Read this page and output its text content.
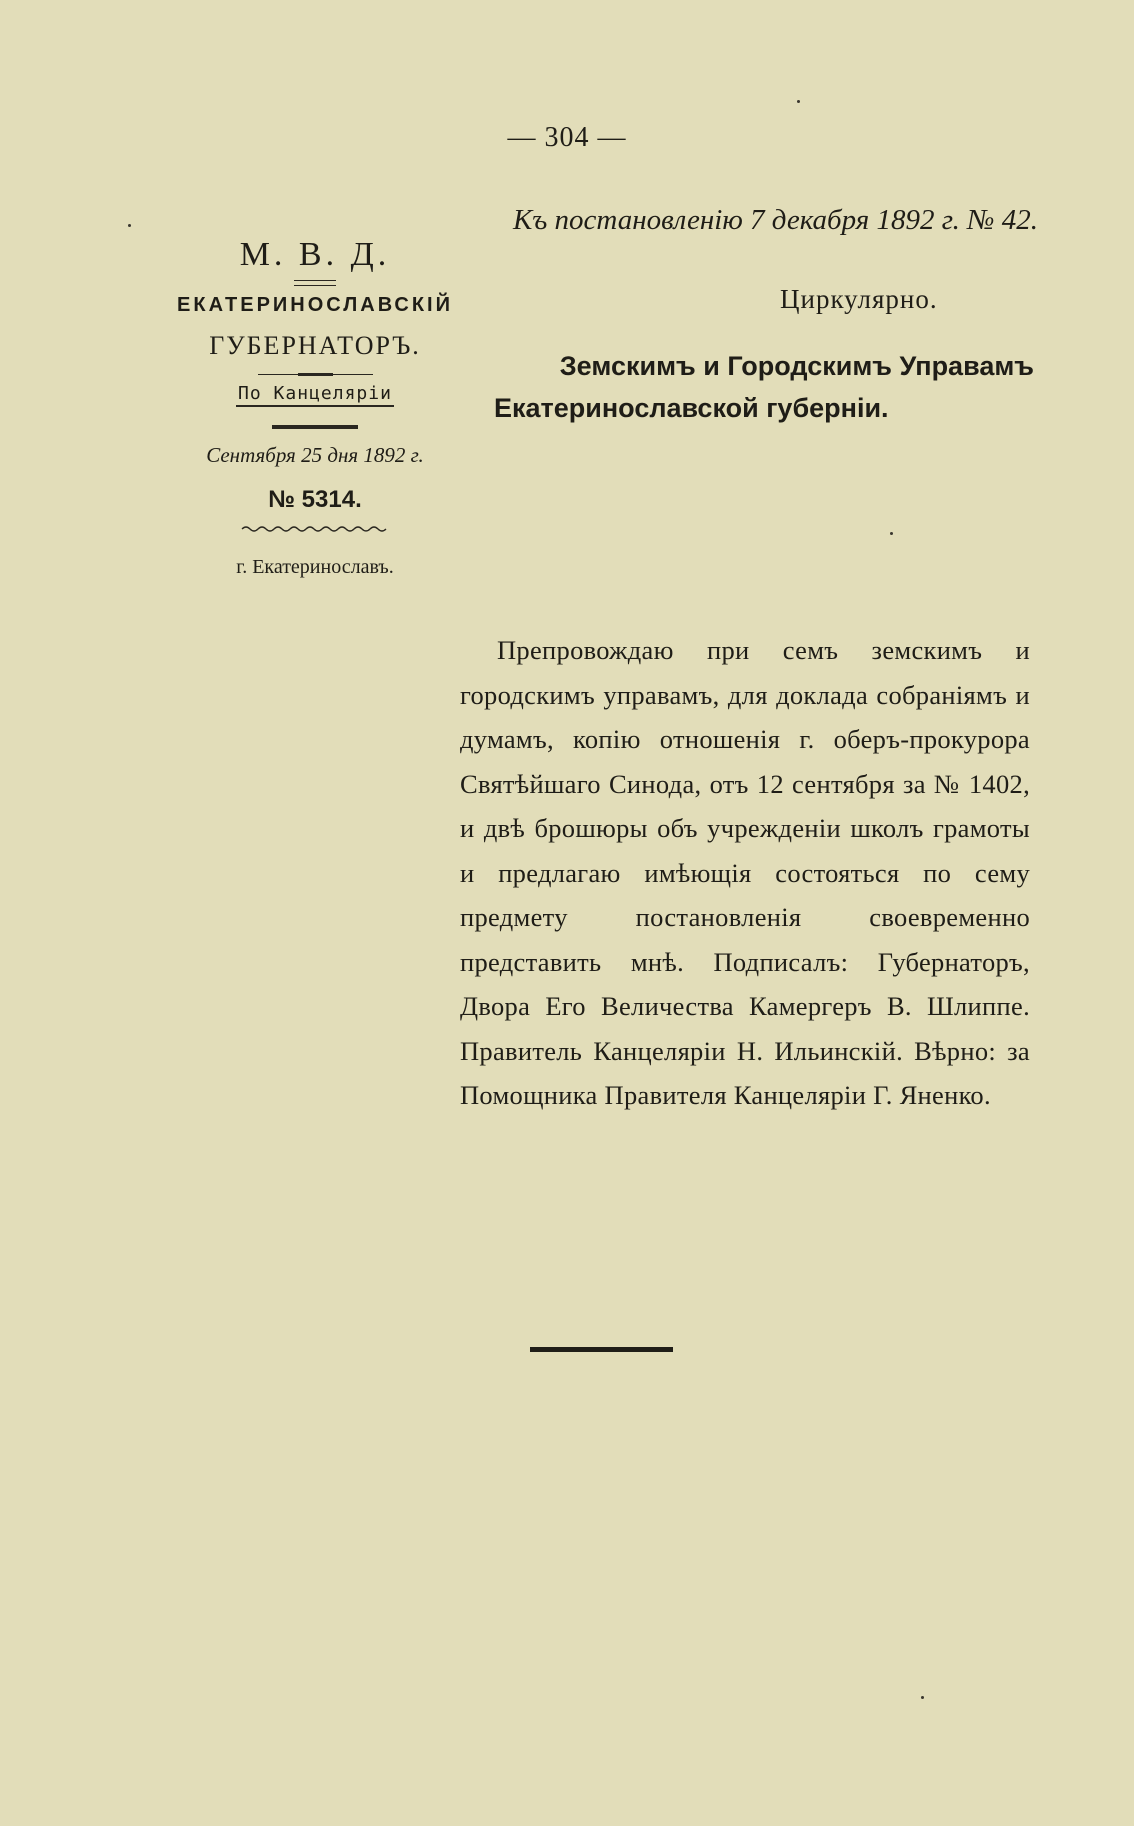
— 304 —
Къ постановленію 7 декабря 1892 г. № 42.
М. В. Д.
ЕКАТЕРИНОСЛАВСКІЙ
ГУБЕРНАТОРЪ.
По Канцеляріи
Сентября 25 дня 1892 г.
№ 5314.
г. Екатеринославъ.
Циркулярно.
Земскимъ и Городскимъ Управамъ
Екатеринославской губерніи.
Препровождаю при семъ земскимъ и городскимъ управамъ, для доклада собраніямъ и думамъ, копію отношенія г. оберъ-прокурора Святѣйшаго Синода, отъ 12 сентября за № 1402, и двѣ брошюры объ учрежденіи школъ грамоты и предлагаю имѣющія состояться по сему предмету постановленія своевременно представить мнѣ. Подписалъ: Губернаторъ, Двора Его Величества Камергеръ В. Шлиппе. Правитель Канцеляріи Н. Ильинскій. Вѣрно: за Помощника Правителя Канцеляріи Г. Яненко.
